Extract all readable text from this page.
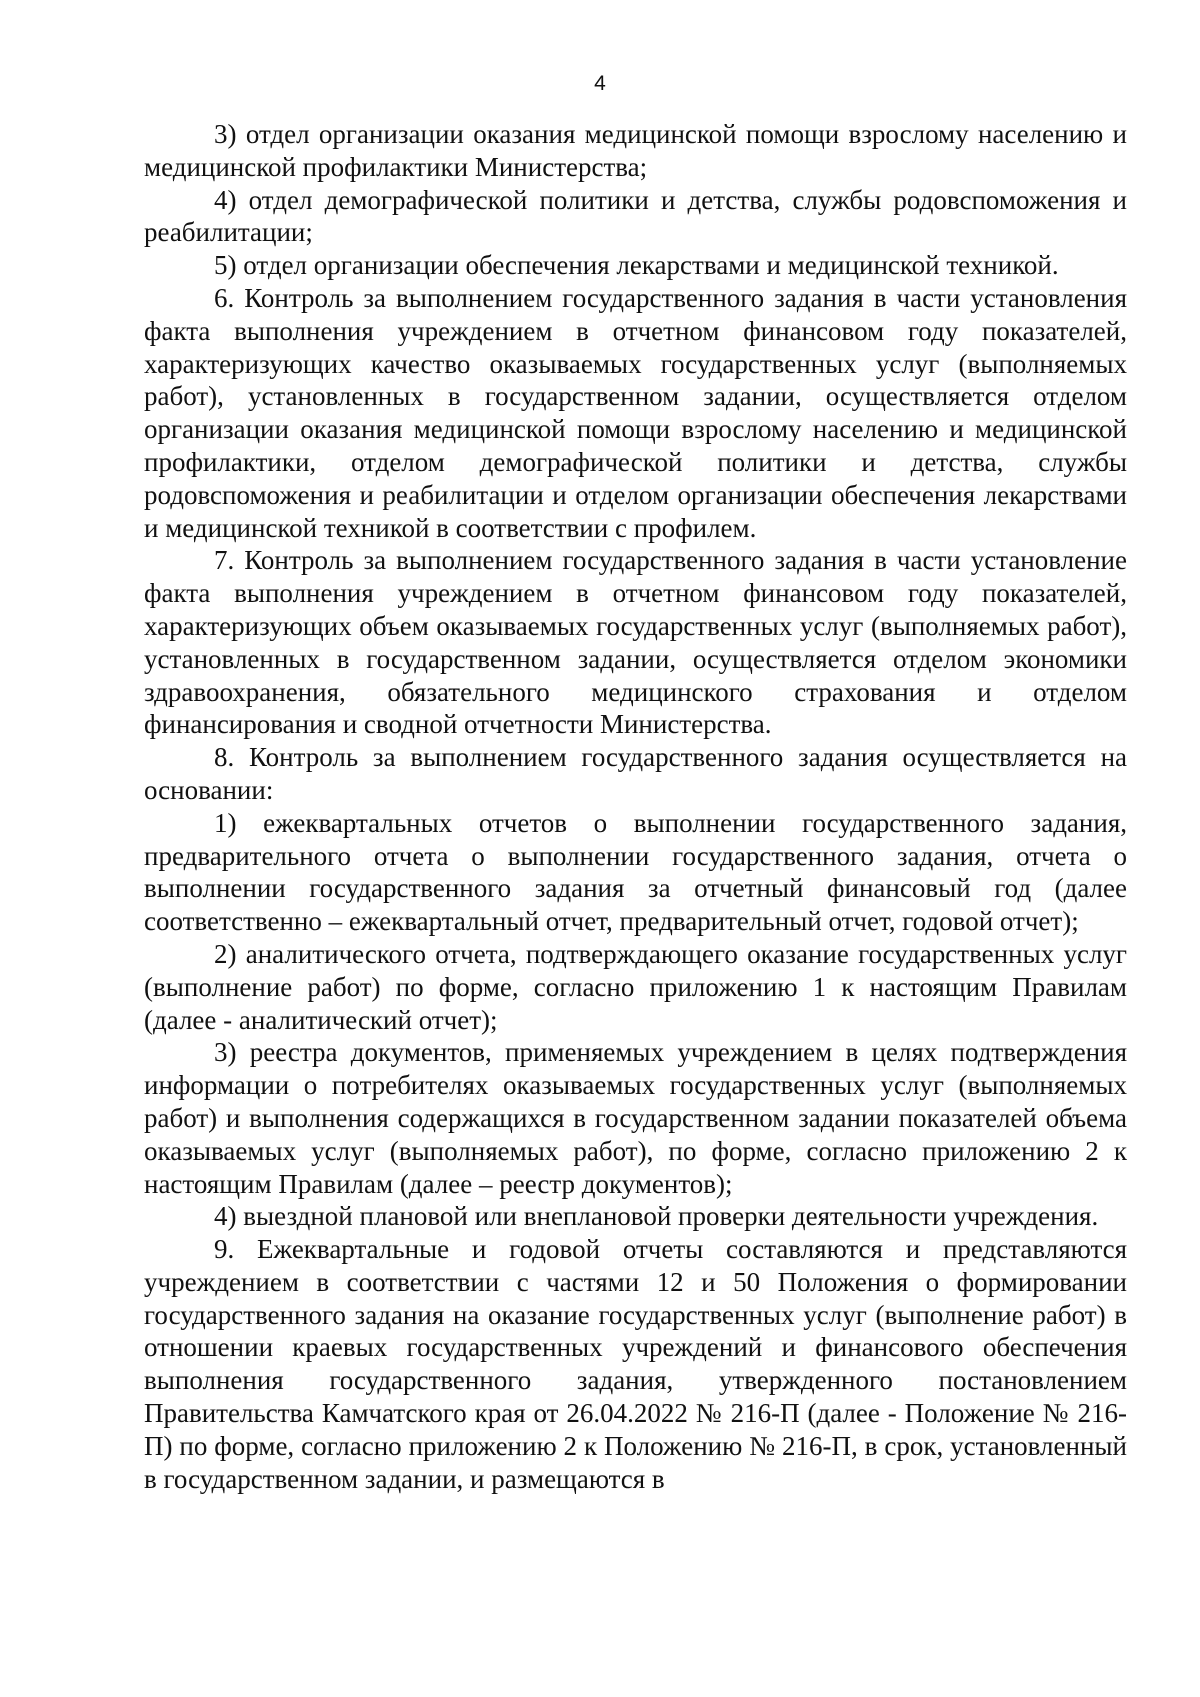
4

3) отдел организации оказания медицинской помощи взрослому населению и медицинской профилактики Министерства;

4) отдел демографической политики и детства, службы родовспоможения и реабилитации;

5) отдел организации обеспечения лекарствами и медицинской техникой.

6. Контроль за выполнением государственного задания в части установления факта выполнения учреждением в отчетном финансовом году показателей, характеризующих качество оказываемых государственных услуг (выполняемых работ), установленных в государственном задании, осуществляется отделом организации оказания медицинской помощи взрослому населению и медицинской профилактики, отделом демографической политики и детства, службы родовспоможения и реабилитации и отделом организации обеспечения лекарствами и медицинской техникой в соответствии с профилем.

7. Контроль за выполнением государственного задания в части установление факта выполнения учреждением в отчетном финансовом году показателей, характеризующих объем оказываемых государственных услуг (выполняемых работ), установленных в государственном задании, осуществляется отделом экономики здравоохранения, обязательного медицинского страхования и отделом финансирования и сводной отчетности Министерства.

8. Контроль за выполнением государственного задания осуществляется на основании:

1) ежеквартальных отчетов о выполнении государственного задания, предварительного отчета о выполнении государственного задания, отчета о выполнении государственного задания за отчетный финансовый год (далее соответственно – ежеквартальный отчет, предварительный отчет, годовой отчет);

2) аналитического отчета, подтверждающего оказание государственных услуг (выполнение работ) по форме, согласно приложению 1 к настоящим Правилам (далее - аналитический отчет);

3) реестра документов, применяемых учреждением в целях подтверждения информации о потребителях оказываемых государственных услуг (выполняемых работ) и выполнения содержащихся в государственном задании показателей объема оказываемых услуг (выполняемых работ), по форме, согласно приложению 2 к настоящим Правилам (далее – реестр документов);

4) выездной плановой или внеплановой проверки деятельности учреждения.

9. Ежеквартальные и годовой отчеты составляются и представляются учреждением в соответствии с частями 12 и 50 Положения о формировании государственного задания на оказание государственных услуг (выполнение работ) в отношении краевых государственных учреждений и финансового обеспечения выполнения государственного задания, утвержденного постановлением Правительства Камчатского края от 26.04.2022 № 216-П (далее - Положение № 216-П) по форме, согласно приложению 2 к Положению № 216-П, в срок, установленный в государственном задании, и размещаются в
